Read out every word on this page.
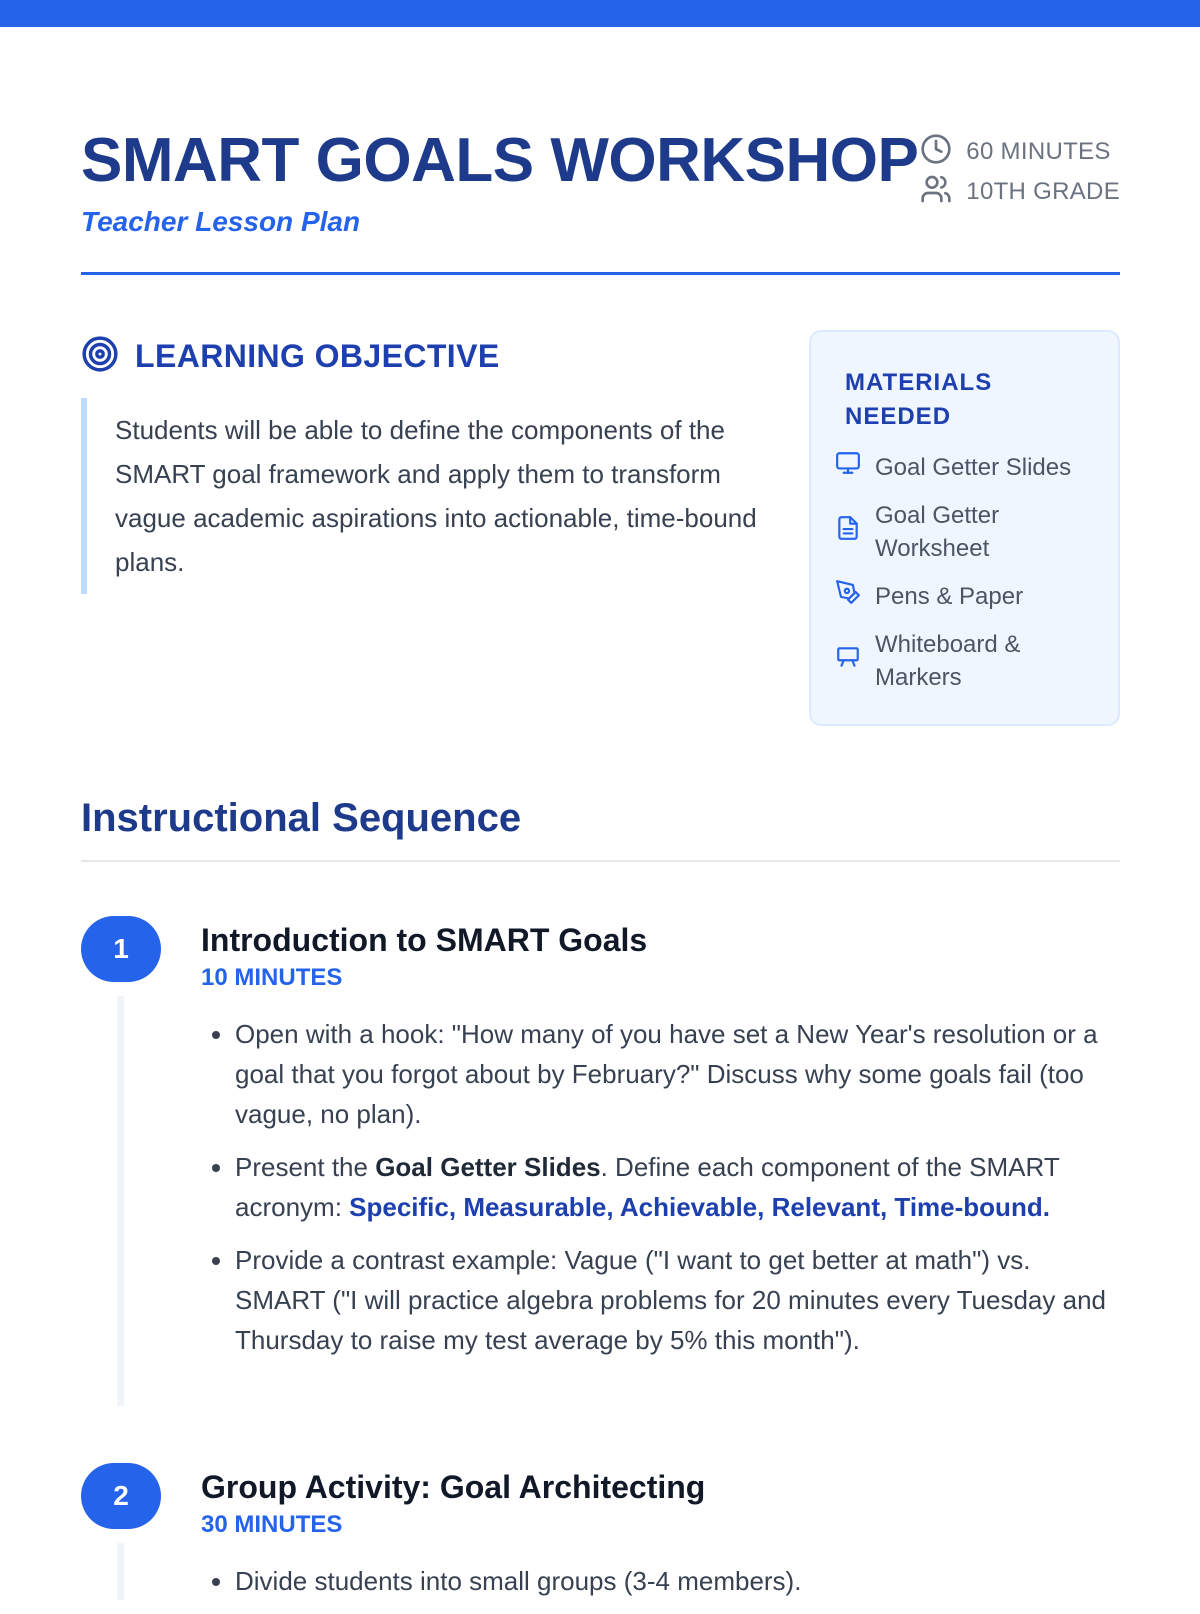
SMART GOALS WORKSHOP
Teacher Lesson Plan
60 MINUTES
10TH GRADE
LEARNING OBJECTIVE
Students will be able to define the components of the SMART goal framework and apply them to transform vague academic aspirations into actionable, time-bound plans.
MATERIALS NEEDED
Goal Getter Slides
Goal Getter Worksheet
Pens & Paper
Whiteboard & Markers
Instructional Sequence
1	Introduction to SMART Goals
10 MINUTES
• Open with a hook: "How many of you have set a New Year's resolution or a goal that you forgot about by February?" Discuss why some goals fail (too vague, no plan).
• Present the Goal Getter Slides. Define each component of the SMART acronym: Specific, Measurable, Achievable, Relevant, Time-bound.
• Provide a contrast example: Vague ("I want to get better at math") vs. SMART ("I will practice algebra problems for 20 minutes every Tuesday and Thursday to raise my test average by 5% this month").
2	Group Activity: Goal Architecting
30 MINUTES
• Divide students into small groups (3-4 members).
